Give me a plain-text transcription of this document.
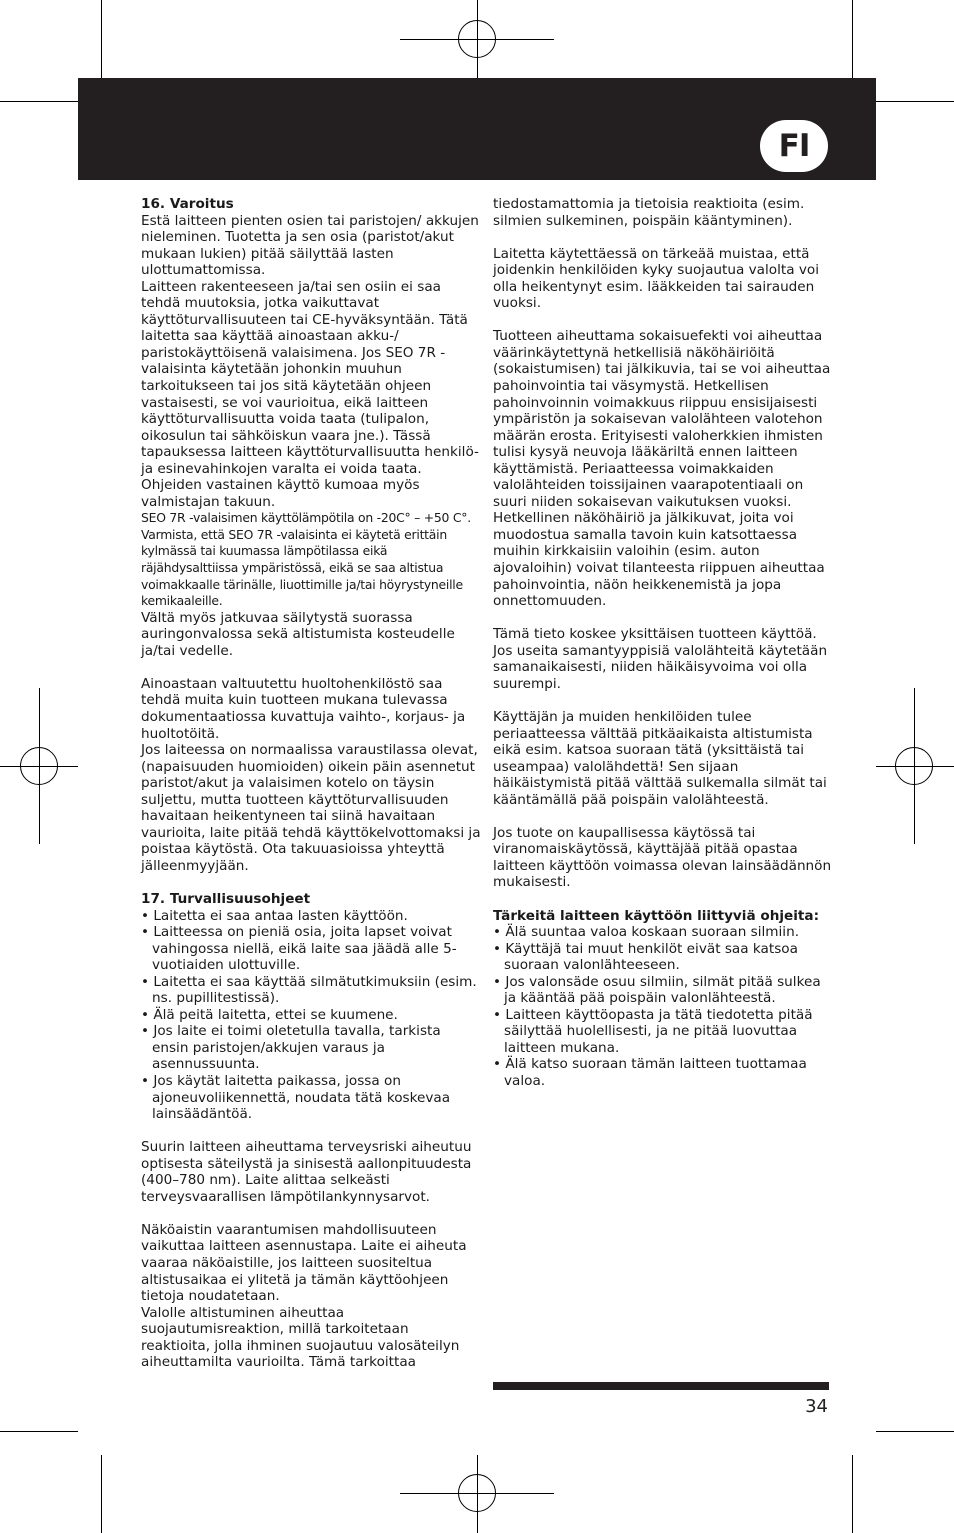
FI

16. Varoitus

Estä laitteen pienten osien tai paristojen/ akkujen nieleminen. Tuotetta ja sen osia (paristot/akut mukaan lukien) pitää säilyttää lasten ulottumattomissa.

Laitteen rakenteeseen ja/tai sen osiin ei saa tehdä muutoksia, jotka vaikuttavat käyttöturvallisuuteen tai CE-hyväksyntään. Tätä laitetta saa käyttää ainoastaan akku-/ paristokäyttöisenä valaisimena. Jos SEO 7R -valaisinta käytetään johonkin muuhun tarkoitukseen tai jos sitä käytetään ohjeen vastaisesti, se voi vaurioitua, eikä laitteen käyttöturvallisuutta voida taata (tulipalon, oikosulun tai sähköiskun vaara jne.). Tässä tapauksessa laitteen käyttöturvallisuutta henkilö- ja esinevahinkojen varalta ei voida taata. Ohjeiden vastainen käyttö kumoaa myös valmistajan takuun.

SEO 7R -valaisimen käyttölämpötila on -20C° – +50 C°. Varmista, että SEO 7R -valaisinta ei käytetä erittäin kylmässä tai kuumassa lämpötilassa eikä räjähdysalttiissa ympäristössä, eikä se saa altistua voimakkaalle tärinälle, liuottimille ja/tai höyrystyneille kemikaaleille.

Vältä myös jatkuvaa säilytystä suorassa auringonvalossa sekä altistumista kosteudelle ja/tai vedelle.

Ainoastaan valtuutettu huoltohenkilöstö saa tehdä muita kuin tuotteen mukana tulevassa dokumentaatiossa kuvattuja vaihto-, korjaus- ja huoltotöitä.

Jos laiteessa on normaalissa varaustilassa olevat, (napaisuuden huomioiden) oikein päin asennetut paristot/akut ja valaisimen kotelo on täysin suljettu, mutta tuotteen käyttöturvallisuuden havaitaan heikentyneen tai siinä havaitaan vaurioita, laite pitää tehdä käyttökelvottomaksi ja poistaa käytöstä. Ota takuuasioissa yhteyttä jälleenmyyjään.

17. Turvallisuusohjeet

• Laitetta ei saa antaa lasten käyttöön.
• Laitteessa on pieniä osia, joita lapset voivat vahingossa niellä, eikä laite saa jäädä alle 5-vuotiaiden ulottuville.
• Laitetta ei saa käyttää silmätutkimuksiin (esim. ns. pupillitestissä).
• Älä peitä laitetta, ettei se kuumene.
• Jos laite ei toimi oletetulla tavalla, tarkista ensin paristojen/akkujen varaus ja asennussuunta.
• Jos käytät laitetta paikassa, jossa on ajoneuvoliikennettä, noudata tätä koskevaa lainsäädäntöä.

Suurin laitteen aiheuttama terveysriski aiheutuu optisesta säteilystä ja sinisestä aallonpituudesta (400–780 nm). Laite alittaa selkeästi terveysvaarallisen lämpötilankynnysarvot.

Näköaistin vaarantumisen mahdollisuuteen vaikuttaa laitteen asennustapa. Laite ei aiheuta vaaraa näköaistille, jos laitteen suositeltua altistusaikaa ei ylitetä ja tämän käyttöohjeen tietoja noudatetaan.

Valolle altistuminen aiheuttaa suojautumisreaktion, millä tarkoitetaan reaktioita, jolla ihminen suojautuu valosäteilyn aiheuttamilta vaurioilta. Tämä tarkoittaa

tiedostamattomia ja tietoisia reaktioita (esim. silmien sulkeminen, poispäin kääntyminen).

Laitetta käytettäessä on tärkeää muistaa, että joidenkin henkilöiden kyky suojautua valolta voi olla heikentynyt esim. lääkkeiden tai sairauden vuoksi.

Tuotteen aiheuttama sokaisuefekti voi aiheuttaa väärinkäytettynä hetkellisiä näköhäiriöitä (sokaistumisen) tai jälkikuvia, tai se voi aiheuttaa pahoinvointia tai väsymystä. Hetkellisen pahoinvoinnin voimakkuus riippuu ensisijaisesti ympäristön ja sokaisevan valolähteen valotehon määrän erosta. Erityisesti valoherkkien ihmisten tulisi kysyä neuvoja lääkäriltä ennen laitteen käyttämistä. Periaatteessa voimakkaiden valolähteiden toissijainen vaarapotentiaali on suuri niiden sokaisevan vaikutuksen vuoksi. Hetkellinen näköhäiriö ja jälkikuvat, joita voi muodostua samalla tavoin kuin katsottaessa muihin kirkkaisiin valoihin (esim. auton ajovaloihin) voivat tilanteesta riippuen aiheuttaa pahoinvointia, näön heikkenemistä ja jopa onnettomuuden.

Tämä tieto koskee yksittäisen tuotteen käyttöä. Jos useita samantyyppisiä valolähteitä käytetään samanaikaisesti, niiden häikäisyvoima voi olla suurempi.

Käyttäjän ja muiden henkilöiden tulee periaatteessa välttää pitkäaikaista altistumista eikä esim. katsoa suoraan tätä (yksittäistä tai useampaa) valolähdettä! Sen sijaan häikäistymistä pitää välttää sulkemalla silmät tai kääntämällä pää poispäin valolähteestä.

Jos tuote on kaupallisessa käytössä tai viranomaiskäytössä, käyttäjää pitää opastaa laitteen käyttöön voimassa olevan lainsäädännön mukaisesti.

Tärkeitä laitteen käyttöön liittyviä ohjeita:

• Älä suuntaa valoa koskaan suoraan silmiin.
• Käyttäjä tai muut henkilöt eivät saa katsoa suoraan valonlähteeseen.
• Jos valonsäde osuu silmiin, silmät pitää sulkea ja kääntää pää poispäin valonlähteestä.
• Laitteen käyttöopasta ja tätä tiedotetta pitää säilyttää huolellisesti, ja ne pitää luovuttaa laitteen mukana.
• Älä katso suoraan tämän laitteen tuottamaa valoa.
34
